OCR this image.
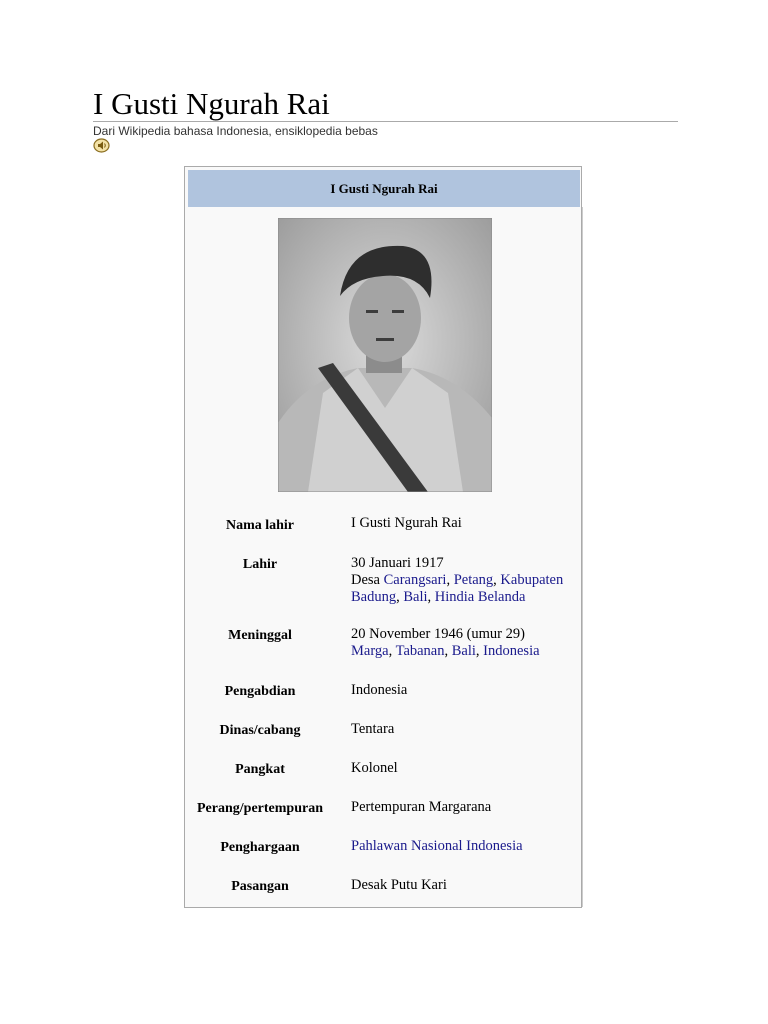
I Gusti Ngurah Rai
Dari Wikipedia bahasa Indonesia, ensiklopedia bebas
I Gusti Ngurah Rai
Nama lahir	I Gusti Ngurah Rai
Lahir	30 Januari 1917
Desa Carangsari, Petang, Kabupaten Badung, Bali, Hindia Belanda
Meninggal	20 November 1946 (umur 29)
Marga, Tabanan, Bali, Indonesia
Pengabdian	Indonesia
Dinas/cabang	Tentara
Pangkat	Kolonel
Perang/pertempuran	Pertempuran Margarana
Penghargaan	Pahlawan Nasional Indonesia
Pasangan	Desak Putu Kari
